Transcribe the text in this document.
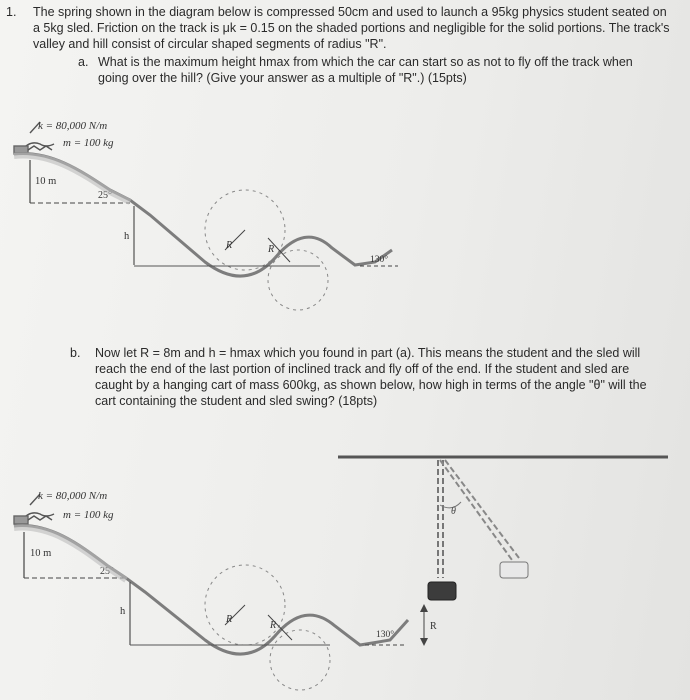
1. The spring shown in the diagram below is compressed 50cm and used to launch a 95kg physics student seated on a 5kg sled. Friction on the track is μk = 0.15 on the shaded portions and negligible for the solid portions. The track's valley and hill consist of circular shaped segments of radius "R".
a. What is the maximum height hmax from which the car can start so as not to fly off the track when going over the hill? (Give your answer as a multiple of "R".) (15pts)
k = 80,000 N/m
m = 100 kg
10 m
25°
h
R	R
130°
b. Now let R = 8m and h = hmax which you found in part (a). This means the student and the sled will reach the end of the last portion of inclined track and fly off of the end. If the student and sled are caught by a hanging cart of mass 600kg, as shown below, how high in terms of the angle "θ" will the cart containing the student and sled swing? (18pts)
k = 80,000 N/m
m = 100 kg
10 m
25°
h
R
R
130°
R
θ
